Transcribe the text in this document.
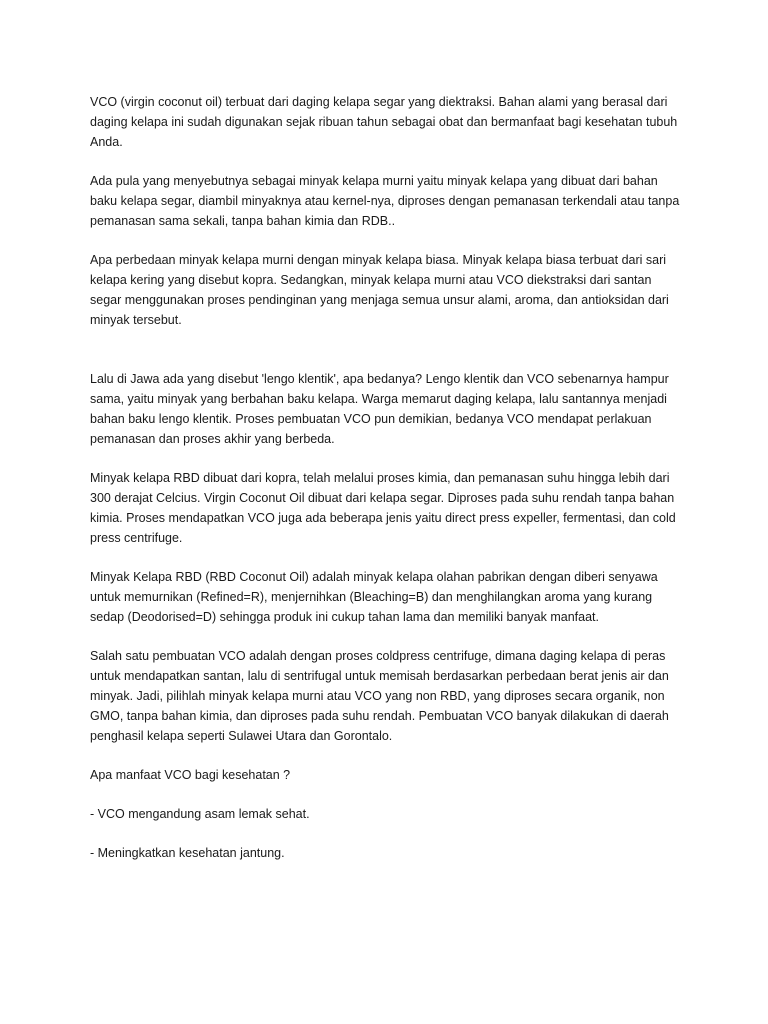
VCO (virgin coconut oil) terbuat dari daging kelapa segar yang diektraksi. Bahan alami yang berasal dari daging kelapa ini sudah digunakan sejak ribuan tahun sebagai obat dan bermanfaat bagi kesehatan tubuh Anda.

Ada pula yang menyebutnya sebagai minyak kelapa murni yaitu minyak kelapa yang dibuat dari bahan baku kelapa segar, diambil minyaknya atau kernel-nya, diproses dengan pemanasan terkendali atau tanpa pemanasan sama sekali, tanpa bahan kimia dan RDB..

Apa perbedaan minyak kelapa murni dengan minyak kelapa biasa. Minyak kelapa biasa terbuat dari sari kelapa kering yang disebut kopra. Sedangkan, minyak kelapa murni atau VCO diekstraksi dari santan segar menggunakan proses pendinginan yang menjaga semua unsur alami, aroma, dan antioksidan dari minyak tersebut.

Lalu di Jawa ada yang disebut 'lengo klentik', apa bedanya? Lengo klentik dan VCO sebenarnya hampur sama, yaitu minyak yang berbahan baku kelapa. Warga memarut daging kelapa, lalu santannya menjadi bahan baku lengo klentik. Proses pembuatan VCO pun demikian, bedanya VCO mendapat perlakuan pemanasan dan proses akhir yang berbeda.

Minyak kelapa RBD dibuat dari kopra, telah melalui proses kimia, dan pemanasan suhu hingga lebih dari 300 derajat Celcius. Virgin Coconut Oil dibuat dari kelapa segar. Diproses pada suhu rendah tanpa bahan kimia. Proses mendapatkan VCO juga ada beberapa jenis yaitu direct press expeller, fermentasi, dan cold press centrifuge.

Minyak Kelapa RBD (RBD Coconut Oil) adalah minyak kelapa olahan pabrikan dengan diberi senyawa untuk memurnikan (Refined=R), menjernihkan (Bleaching=B) dan menghilangkan aroma yang kurang sedap (Deodorised=D) sehingga produk ini cukup tahan lama dan memiliki banyak manfaat.

Salah satu pembuatan VCO adalah dengan proses coldpress centrifuge, dimana daging kelapa di peras untuk mendapatkan santan, lalu di sentrifugal untuk memisah berdasarkan perbedaan berat jenis air dan minyak. Jadi, pilihlah minyak kelapa murni atau VCO yang non RBD, yang diproses secara organik, non GMO, tanpa bahan kimia, dan diproses pada suhu rendah. Pembuatan VCO banyak dilakukan di daerah penghasil kelapa seperti Sulawei Utara dan Gorontalo.

Apa manfaat VCO bagi kesehatan ?

- VCO mengandung asam lemak sehat.

- Meningkatkan kesehatan jantung.
